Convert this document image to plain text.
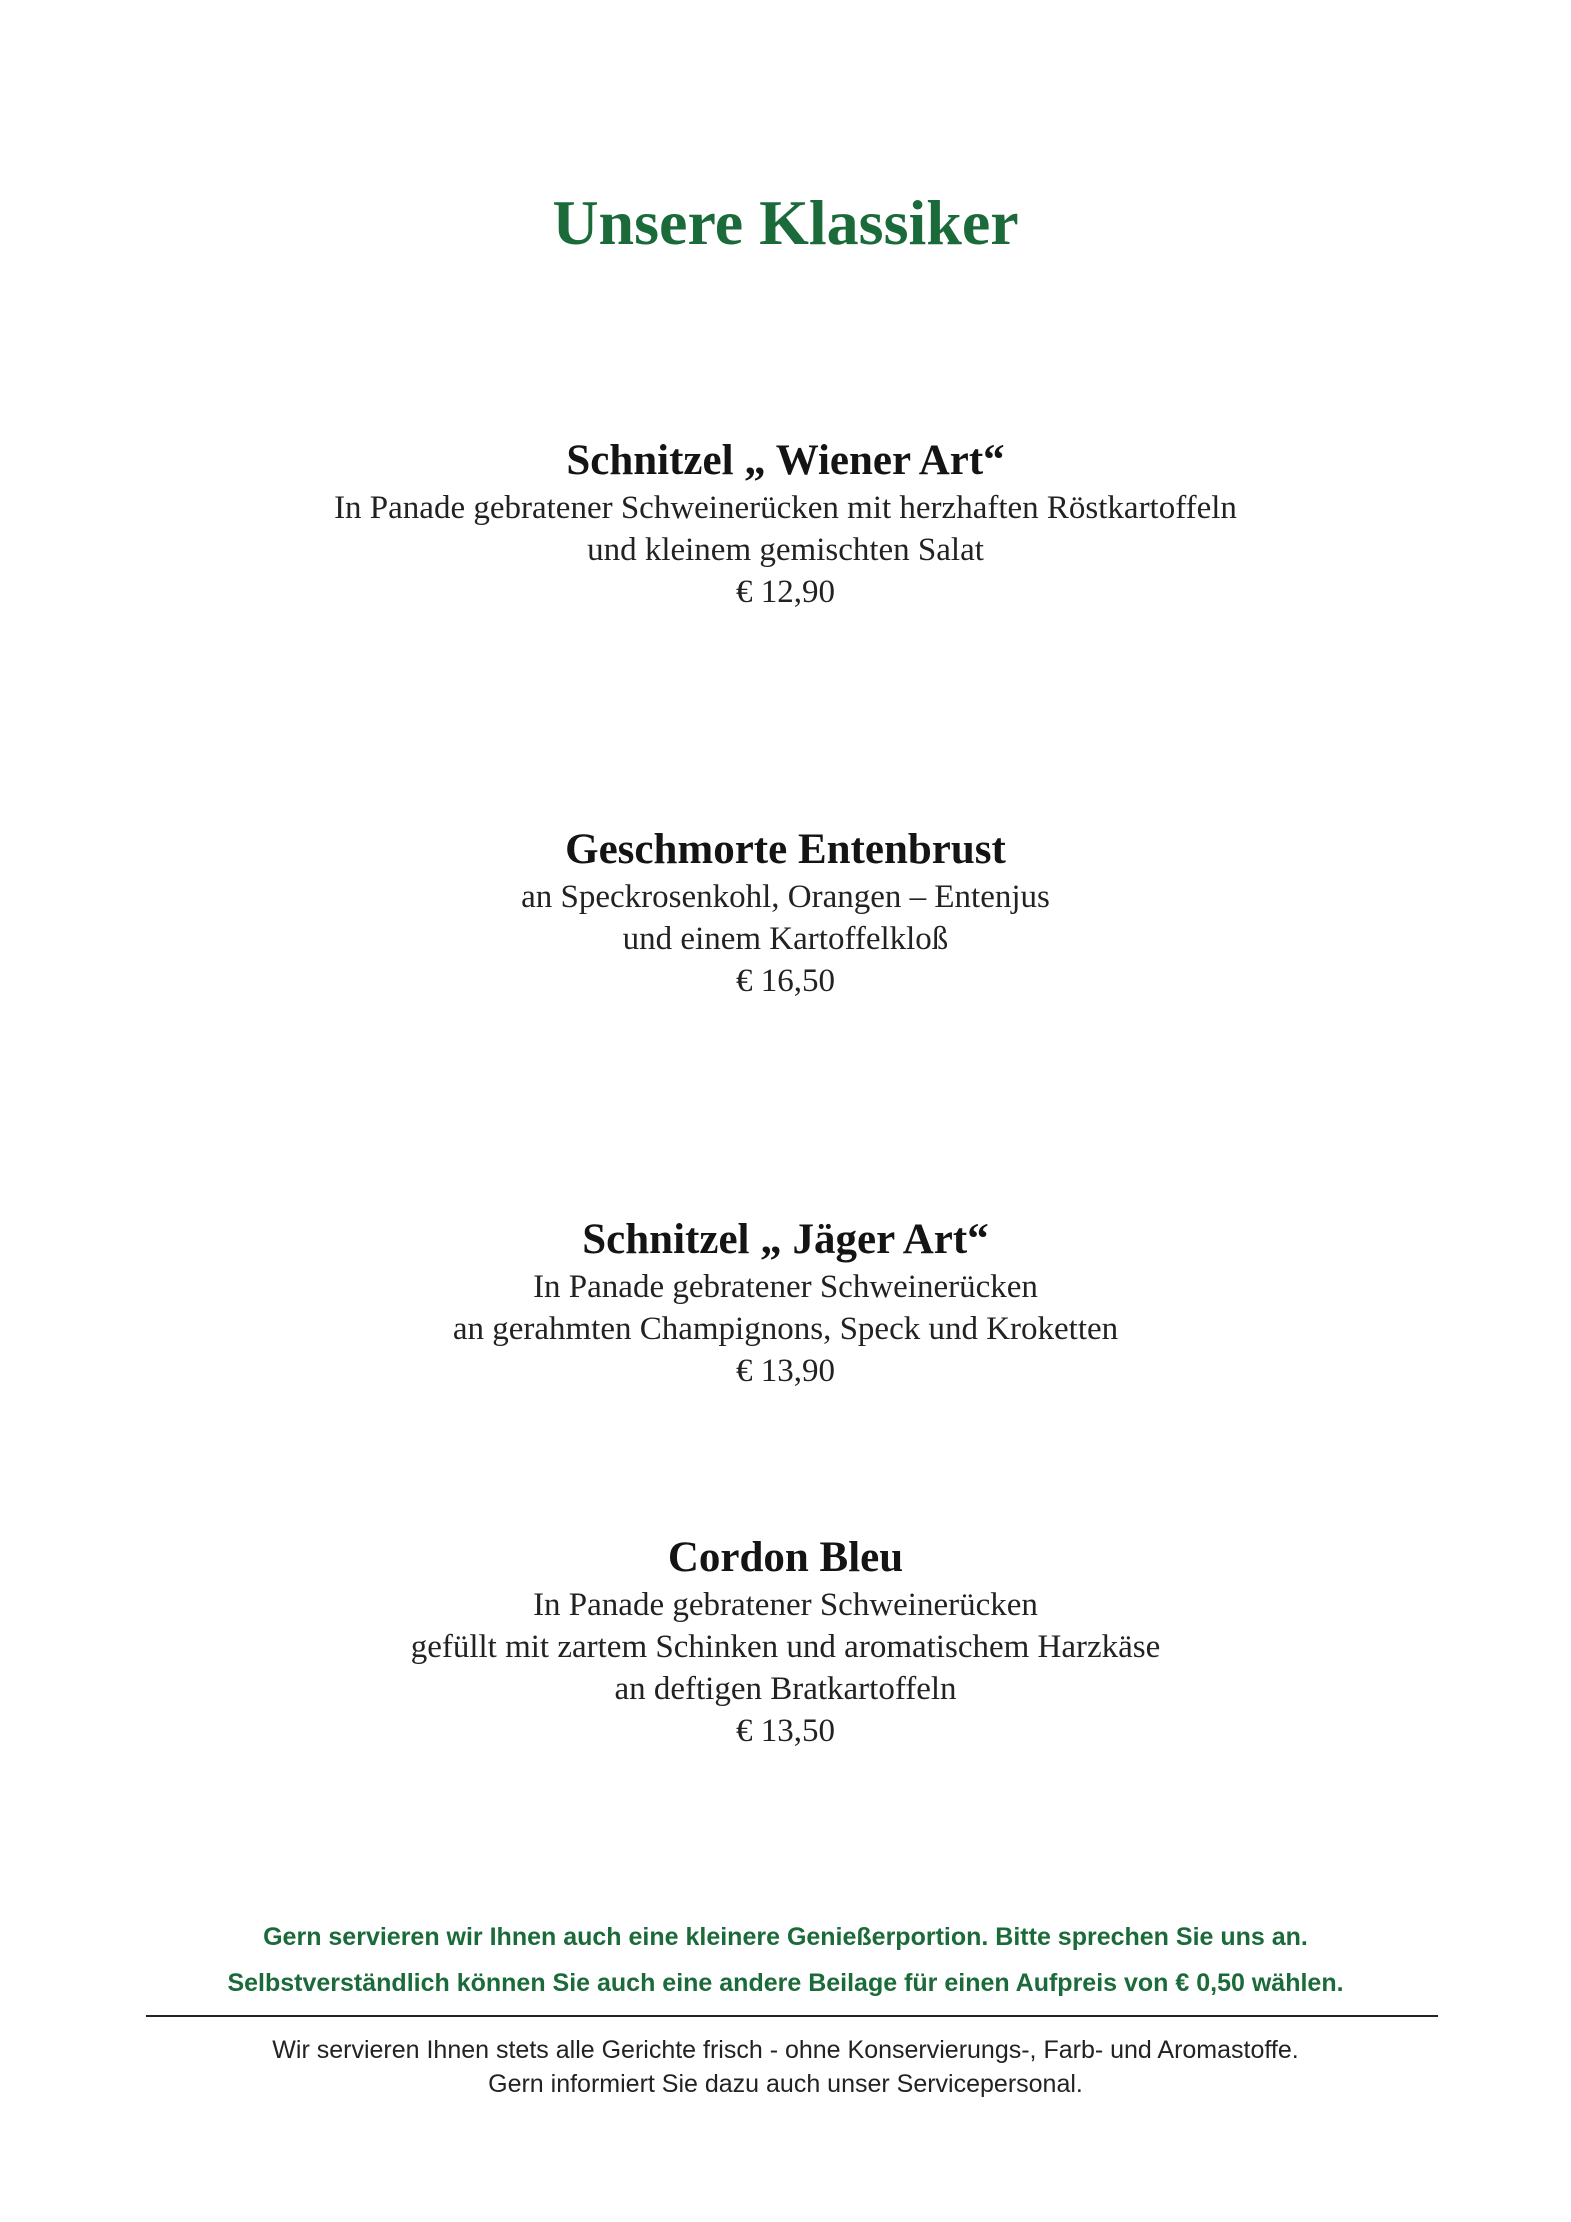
Unsere Klassiker
Schnitzel „ Wiener Art“
In Panade gebratener Schweinerücken mit herzhaften Röstkartoffeln
und kleinem gemischten Salat
€ 12,90
Geschmorte Entenbrust
an Speckrosenkohl, Orangen – Entenjus
und einem Kartoffelkloß
€ 16,50
Schnitzel „ Jäger Art“
In Panade gebratener Schweinerücken
an gerahmten Champignons, Speck und Kroketten
€ 13,90
Cordon Bleu
In Panade gebratener Schweinerücken
gefüllt mit zartem Schinken und aromatischem Harzkäse
an deftigen Bratkartoffeln
€ 13,50
Gern servieren wir Ihnen auch eine kleinere Genießerportion. Bitte sprechen Sie uns an.
Selbstverständlich können Sie auch eine andere Beilage für einen Aufpreis von € 0,50 wählen.
Wir servieren Ihnen stets alle Gerichte frisch - ohne Konservierungs-, Farb- und Aromastoffe.
Gern informiert Sie dazu auch unser Servicepersonal.
